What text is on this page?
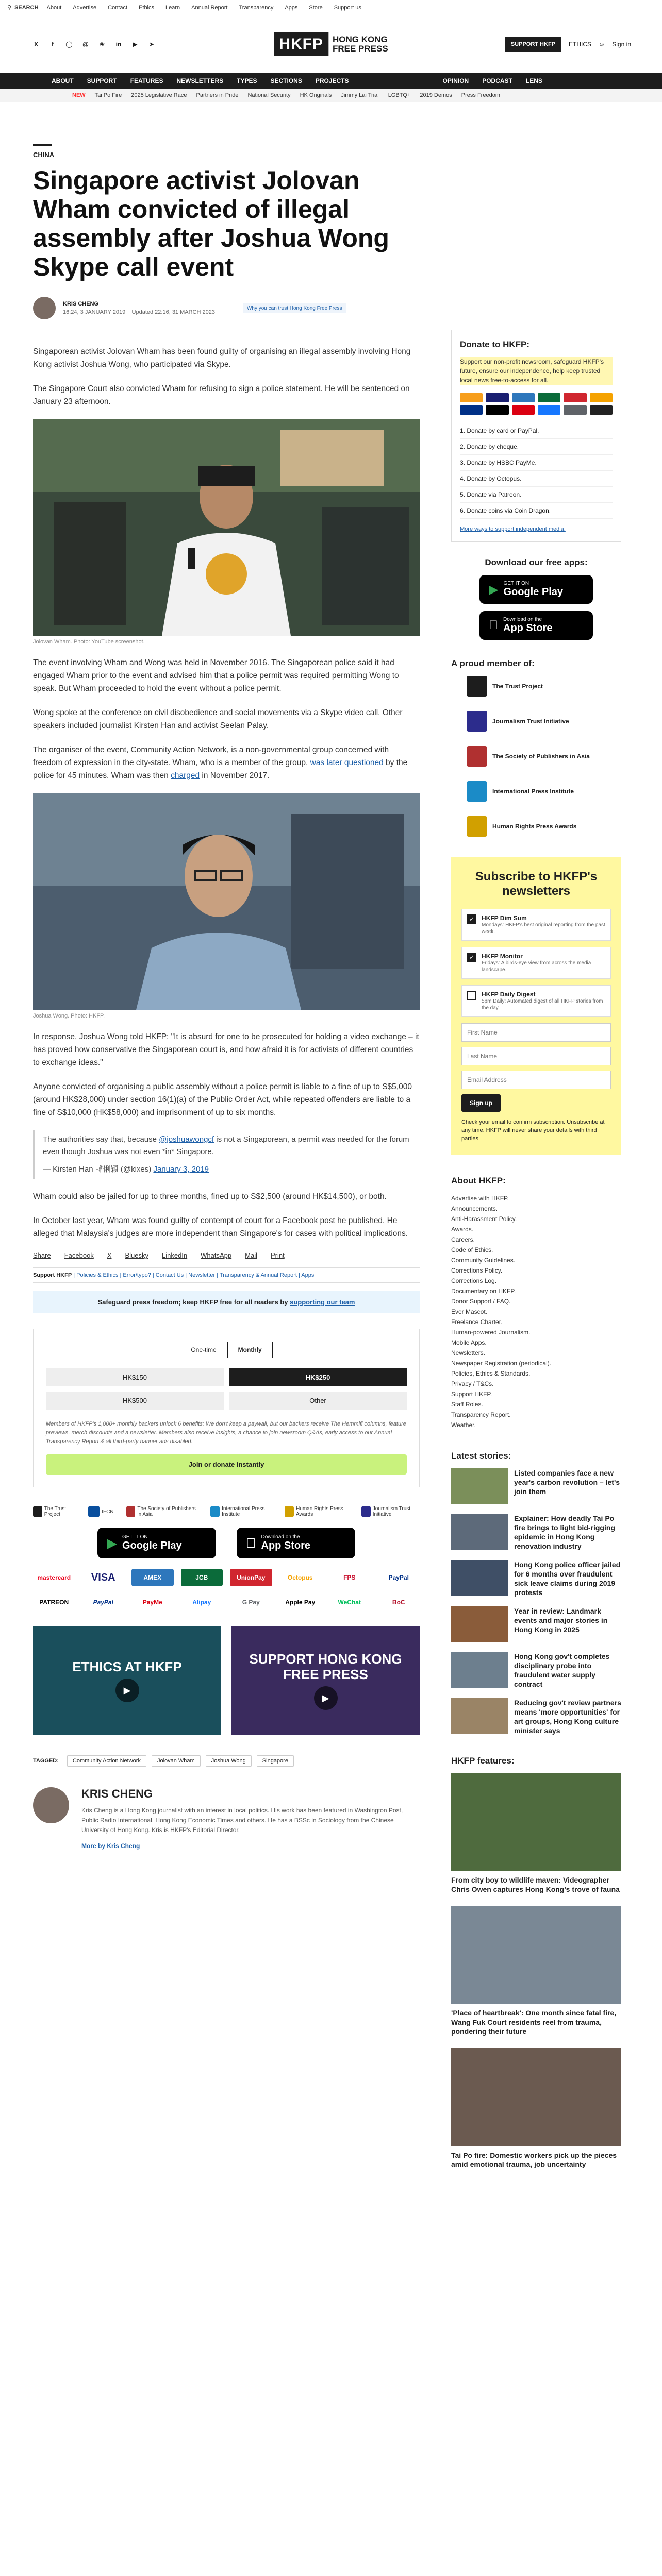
⚲ SEARCH About Advertise Contact Ethics Learn Annual Report Transparency Apps Store Support us
X	f	◯	@	❀	in	▶	➤	HKFP	HONG KONG
FREE PRESS	SUPPORT HKFP	ETHICS ☺ Sign in
ABOUT SUPPORT FEATURES NEWSLETTERS TYPES SECTIONS PROJECTS	OPINION PODCAST LENS
NEW Tai Po Fire 2025 Legislative Race Partners in Pride National Security HK Originals Jimmy Lai Trial LGBTQ+ 2019 Demos Press Freedom
CHINA
Singapore activist Jolovan Wham convicted of illegal assembly after Joshua Wong Skype call event
KRIS CHENG
16:24, 3 JANUARY 2019 Updated 22:16, 31 MARCH 2023
Why you can trust Hong Kong Free Press

Singaporean activist Jolovan Wham has been found guilty of organising an illegal assembly involving Hong Kong activist Joshua Wong, who participated via Skype.

The Singapore Court also convicted Wham for refusing to sign a police statement. He will be sentenced on January 23 afternoon.

Jolovan Wham. Photo: YouTube screenshot.

The event involving Wham and Wong was held in November 2016. The Singaporean police said it had engaged Wham prior to the event and advised him that a police permit was required permitting Wong to speak. But Wham proceeded to hold the event without a police permit.

Wong spoke at the conference on civil disobedience and social movements via a Skype video call. Other speakers included journalist Kirsten Han and activist Seelan Palay.

The organiser of the event, Community Action Network, is a non-governmental group concerned with freedom of expression in the city-state. Wham, who is a member of the group, was later questioned by the police for 45 minutes. Wham was then charged in November 2017.

Joshua Wong. Photo: HKFP.

In response, Joshua Wong told HKFP: "It is absurd for one to be prosecuted for holding a video exchange – it has proved how conservative the Singaporean court is, and how afraid it is for activists of different countries to exchange ideas."

Anyone convicted of organising a public assembly without a police permit is liable to a fine of up to S$5,000 (around HK$28,000) under section 16(1)(a) of the Public Order Act, while repeated offenders are liable to a fine of S$10,000 (HK$58,000) and imprisonment of up to six months.

The authorities say that, because @joshuawongcf is not a Singaporean, a permit was needed for the forum even though Joshua was not even *in* Singapore.

— Kirsten Han 韓俐穎 (@kixes) January 3, 2019

Wham could also be jailed for up to three months, fined up to S$2,500 (around HK$14,500), or both.

In October last year, Wham was found guilty of contempt of court for a Facebook post he published. He alleged that Malaysia's judges are more independent than Singapore's for cases with political implications.

Share Facebook X Bluesky LinkedIn WhatsApp Mail Print
Support HKFP | Policies & Ethics | Error/typo? | Contact Us | Newsletter | Transparency & Annual Report | Apps
Safeguard press freedom; keep HKFP free for all readers by supporting our team
One-time	Monthly
HK$150	HK$250
HK$500	Other

Members of HKFP's 1,000+ monthly backers unlock 6 benefits: We don't keep a paywall, but our backers receive The Hemmifi columns, feature previews, merch discounts and a newsletter. Members also receive insights, a chance to join newsroom Q&As, early access to our Annual Transparency Report & all third-party banner ads disabled.

Join or donate instantly
The Trust Project	IFCN	The Society of Publishers in Asia
International Press Institute
Human Rights Press Awards
Journalism Trust Initiative
▶ GET IT ON
Google Play
Download on the
App Store
mastercard	VISA	AMEX	JCB	UnionPay	Octopus	FPS	PayPal
PATREON	PayPal	PayMe	Alipay	G Pay	Apple Pay	WeChat	BoC
ETHICS AT HKFP
▶
SUPPORT HONG KONG FREE PRESS
▶
TAGGED:	Community Action Network	Jolovan Wham	Joshua Wong	Singapore
KRIS CHENG

Kris Cheng is a Hong Kong journalist with an interest in local politics. His work has been featured in Washington Post, Public Radio International, Hong Kong Economic Times and others. He has a BSSc in Sociology from the Chinese University of Hong Kong. Kris is HKFP's Editorial Director.

More by Kris Cheng
Donate to HKFP:

Support our non-profit newsroom, safeguard HKFP's future, ensure our independence, help keep trusted local news free-to-access for all.

1. Donate by card or PayPal.
2. Donate by cheque.
3. Donate by HSBC PayMe.
4. Donate by Octopus.
5. Donate via Patreon.
6. Donate coins via Coin Dragon.
More ways to support independent media.
Download our free apps:
▶ GET IT ON
Google Play
Download on the
App Store
A proud member of:
The Trust Project
Journalism Trust Initiative
The Society of Publishers in Asia
International Press Institute
Human Rights Press Awards
Subscribe to HKFP's newsletters
✓	HKFP Dim Sum
Mondays: HKFP's best original reporting from the past week.
✓	HKFP Monitor
Fridays: A birds-eye view from across the media landscape.
HKFP Daily Digest
5pm Daily: Automated digest of all HKFP stories from the day.
First Name Last Name Email Address Sign up

Check your email to confirm subscription. Unsubscribe at any time. HKFP will never share your details with third parties.

About HKFP:
Advertise with HKFP.
Announcements.
Anti-Harassment Policy.
Awards.
Careers.
Code of Ethics.
Community Guidelines.
Corrections Policy.
Corrections Log.
Documentary on HKFP.
Donor Support / FAQ.
Ever Mascot.
Freelance Charter.
Human-powered Journalism.
Mobile Apps.
Newsletters.
Newspaper Registration (periodical).
Policies, Ethics & Standards.
Privacy / T&Cs.
Support HKFP.
Staff Roles.
Transparency Report.
Weather.
Latest stories:

Listed companies face a new year's carbon revolution – let's join them

Explainer: How deadly Tai Po fire brings to light bid-rigging epidemic in Hong Kong renovation industry

Hong Kong police officer jailed for 6 months over fraudulent sick leave claims during 2019 protests

Year in review: Landmark events and major stories in Hong Kong in 2025

Hong Kong gov't completes disciplinary probe into fraudulent water supply contract

Reducing gov't review partners means 'more opportunities' for art groups, Hong Kong culture minister says

HKFP features:

From city boy to wildlife maven: Videographer Chris Owen captures Hong Kong's trove of fauna

'Place of heartbreak': One month since fatal fire, Wang Fuk Court residents reel from trauma, pondering their future

Tai Po fire: Domestic workers pick up the pieces amid emotional trauma, job uncertainty
